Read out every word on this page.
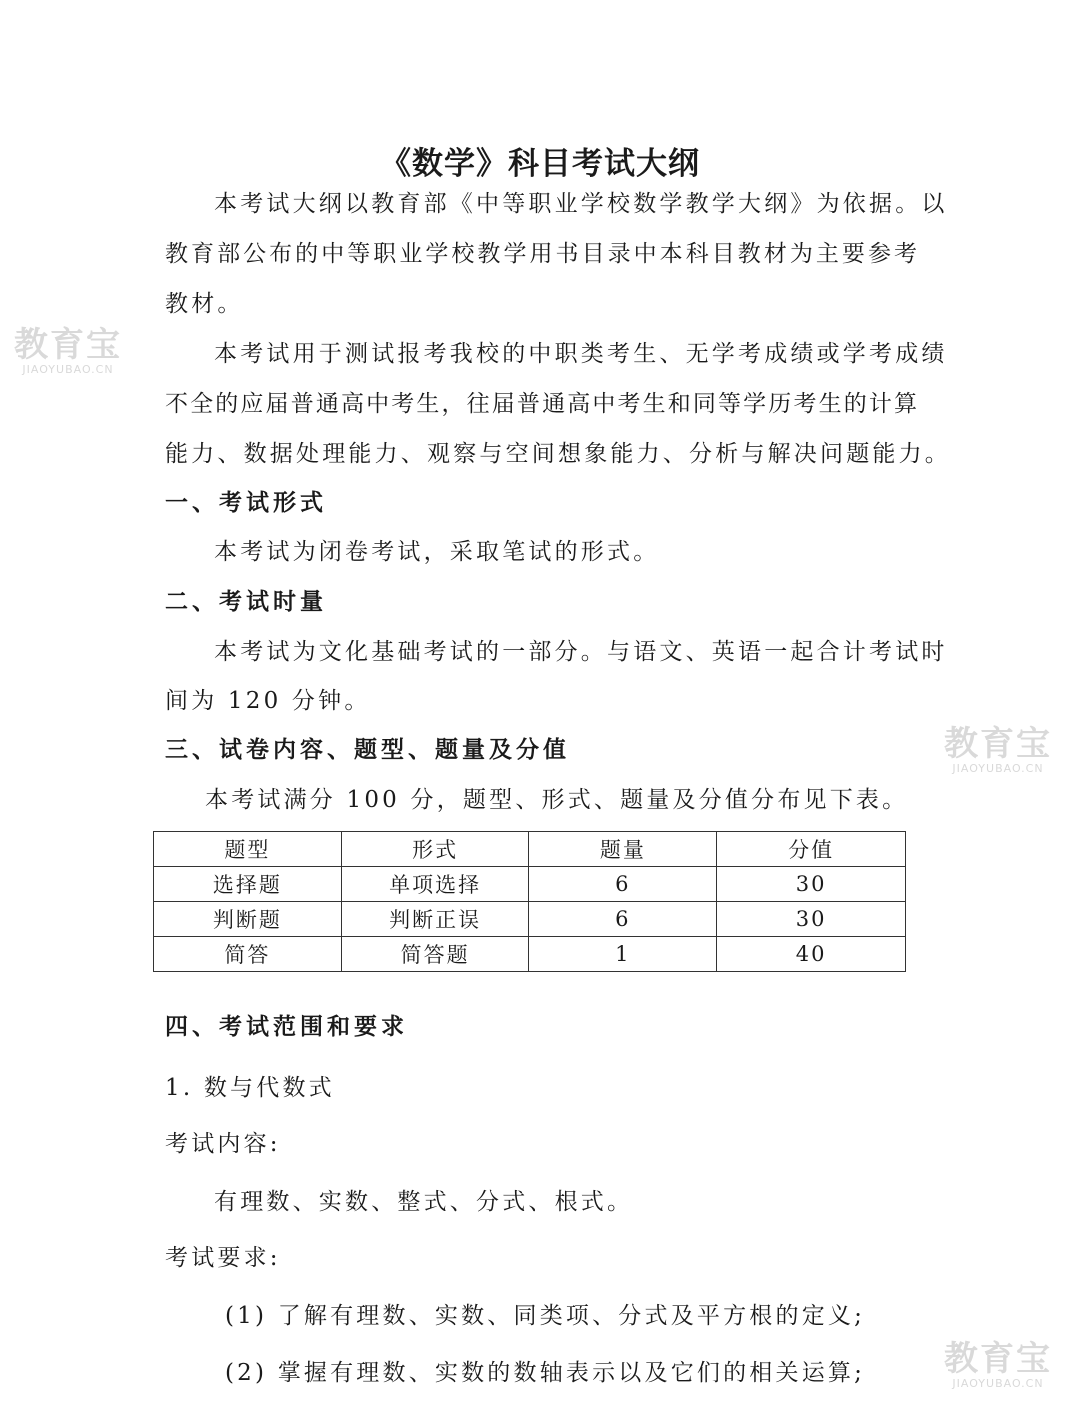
《数学》科目考试大纲
本考试大纲以教育部《中等职业学校数学教学大纲》为依据。以
教育部公布的中等职业学校教学用书目录中本科目教材为主要参考
教材。
本考试用于测试报考我校的中职类考生、无学考成绩或学考成绩
不全的应届普通高中考生，往届普通高中考生和同等学历考生的计算
能力、数据处理能力、观察与空间想象能力、分析与解决问题能力。
一、考试形式
本考试为闭卷考试，采取笔试的形式。
二、考试时量
本考试为文化基础考试的一部分。与语文、英语一起合计考试时
间为 120 分钟。
三、试卷内容、题型、题量及分值
本考试满分 100 分，题型、形式、题量及分值分布见下表。
题型	形式	题量	分值
选择题	单项选择	6	30
判断题	判断正误	6	30
简答	简答题	1	40
四、考试范围和要求
1. 数与代数式
考试内容:
有理数、实数、整式、分式、根式。
考试要求:
(1) 了解有理数、实数、同类项、分式及平方根的定义;
(2) 掌握有理数、实数的数轴表示以及它们的相关运算;
教育宝
JIAOYUBAO.CN
教育宝
JIAOYUBAO.CN
教育宝
JIAOYUBAO.CN
